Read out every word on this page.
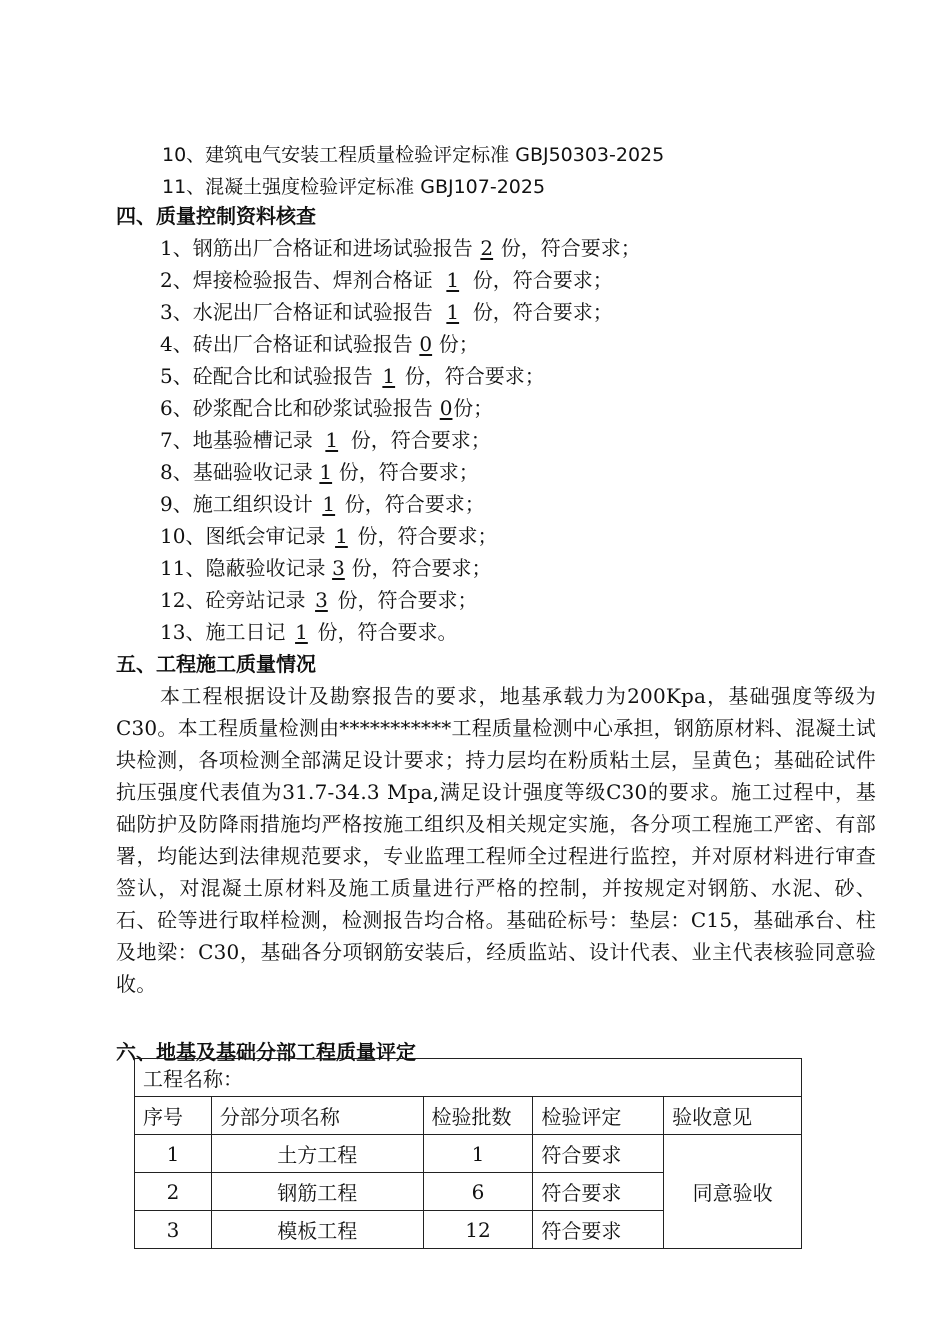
10、建筑电气安装工程质量检验评定标准 GBJ50303-2025
11、混凝土强度检验评定标准 GBJ107-2025
四、质量控制资料核查
1、钢筋出厂合格证和进场试验报告 2 份，符合要求；
2、焊接检验报告、焊剂合格证 1 份，符合要求；
3、水泥出厂合格证和试验报告 1 份，符合要求；
4、砖出厂合格证和试验报告 0 份；
5、砼配合比和试验报告 1 份，符合要求；
6、砂浆配合比和砂浆试验报告 0份；
7、地基验槽记录 1 份，符合要求；
8、基础验收记录 1 份，符合要求；
9、施工组织设计 1 份，符合要求；
10、图纸会审记录 1 份，符合要求；
11、隐蔽验收记录 3 份，符合要求；
12、砼旁站记录 3 份，符合要求；
13、施工日记 1 份，符合要求。
五、工程施工质量情况

本工程根据设计及勘察报告的要求，地基承载力为200Kpa，基础强度等级为C30。本工程质量检测由***********工程质量检测中心承担，钢筋原材料、混凝土试块检测，各项检测全部满足设计要求；持力层均在粉质粘土层，呈黄色；基础砼试件抗压强度代表值为31.7-34.3 Mpa,满足设计强度等级C30的要求。施工过程中，基础防护及防降雨措施均严格按施工组织及相关规定实施，各分项工程施工严密、有部署，均能达到法律规范要求，专业监理工程师全过程进行监控，并对原材料进行审查签认，对混凝土原材料及施工质量进行严格的控制，并按规定对钢筋、水泥、砂、石、砼等进行取样检测，检测报告均合格。基础砼标号：垫层：C15，基础承台、柱及地梁：C30，基础各分项钢筋安装后，经质监站、设计代表、业主代表核验同意验收。

六、地基及基础分部工程质量评定
工程名称：				
序号	分部分项名称	检验批数	检验评定	验收意见
1	土方工程	1	符合要求	同意验收
2	钢筋工程	6	符合要求	
3	模板工程	12	符合要求	
